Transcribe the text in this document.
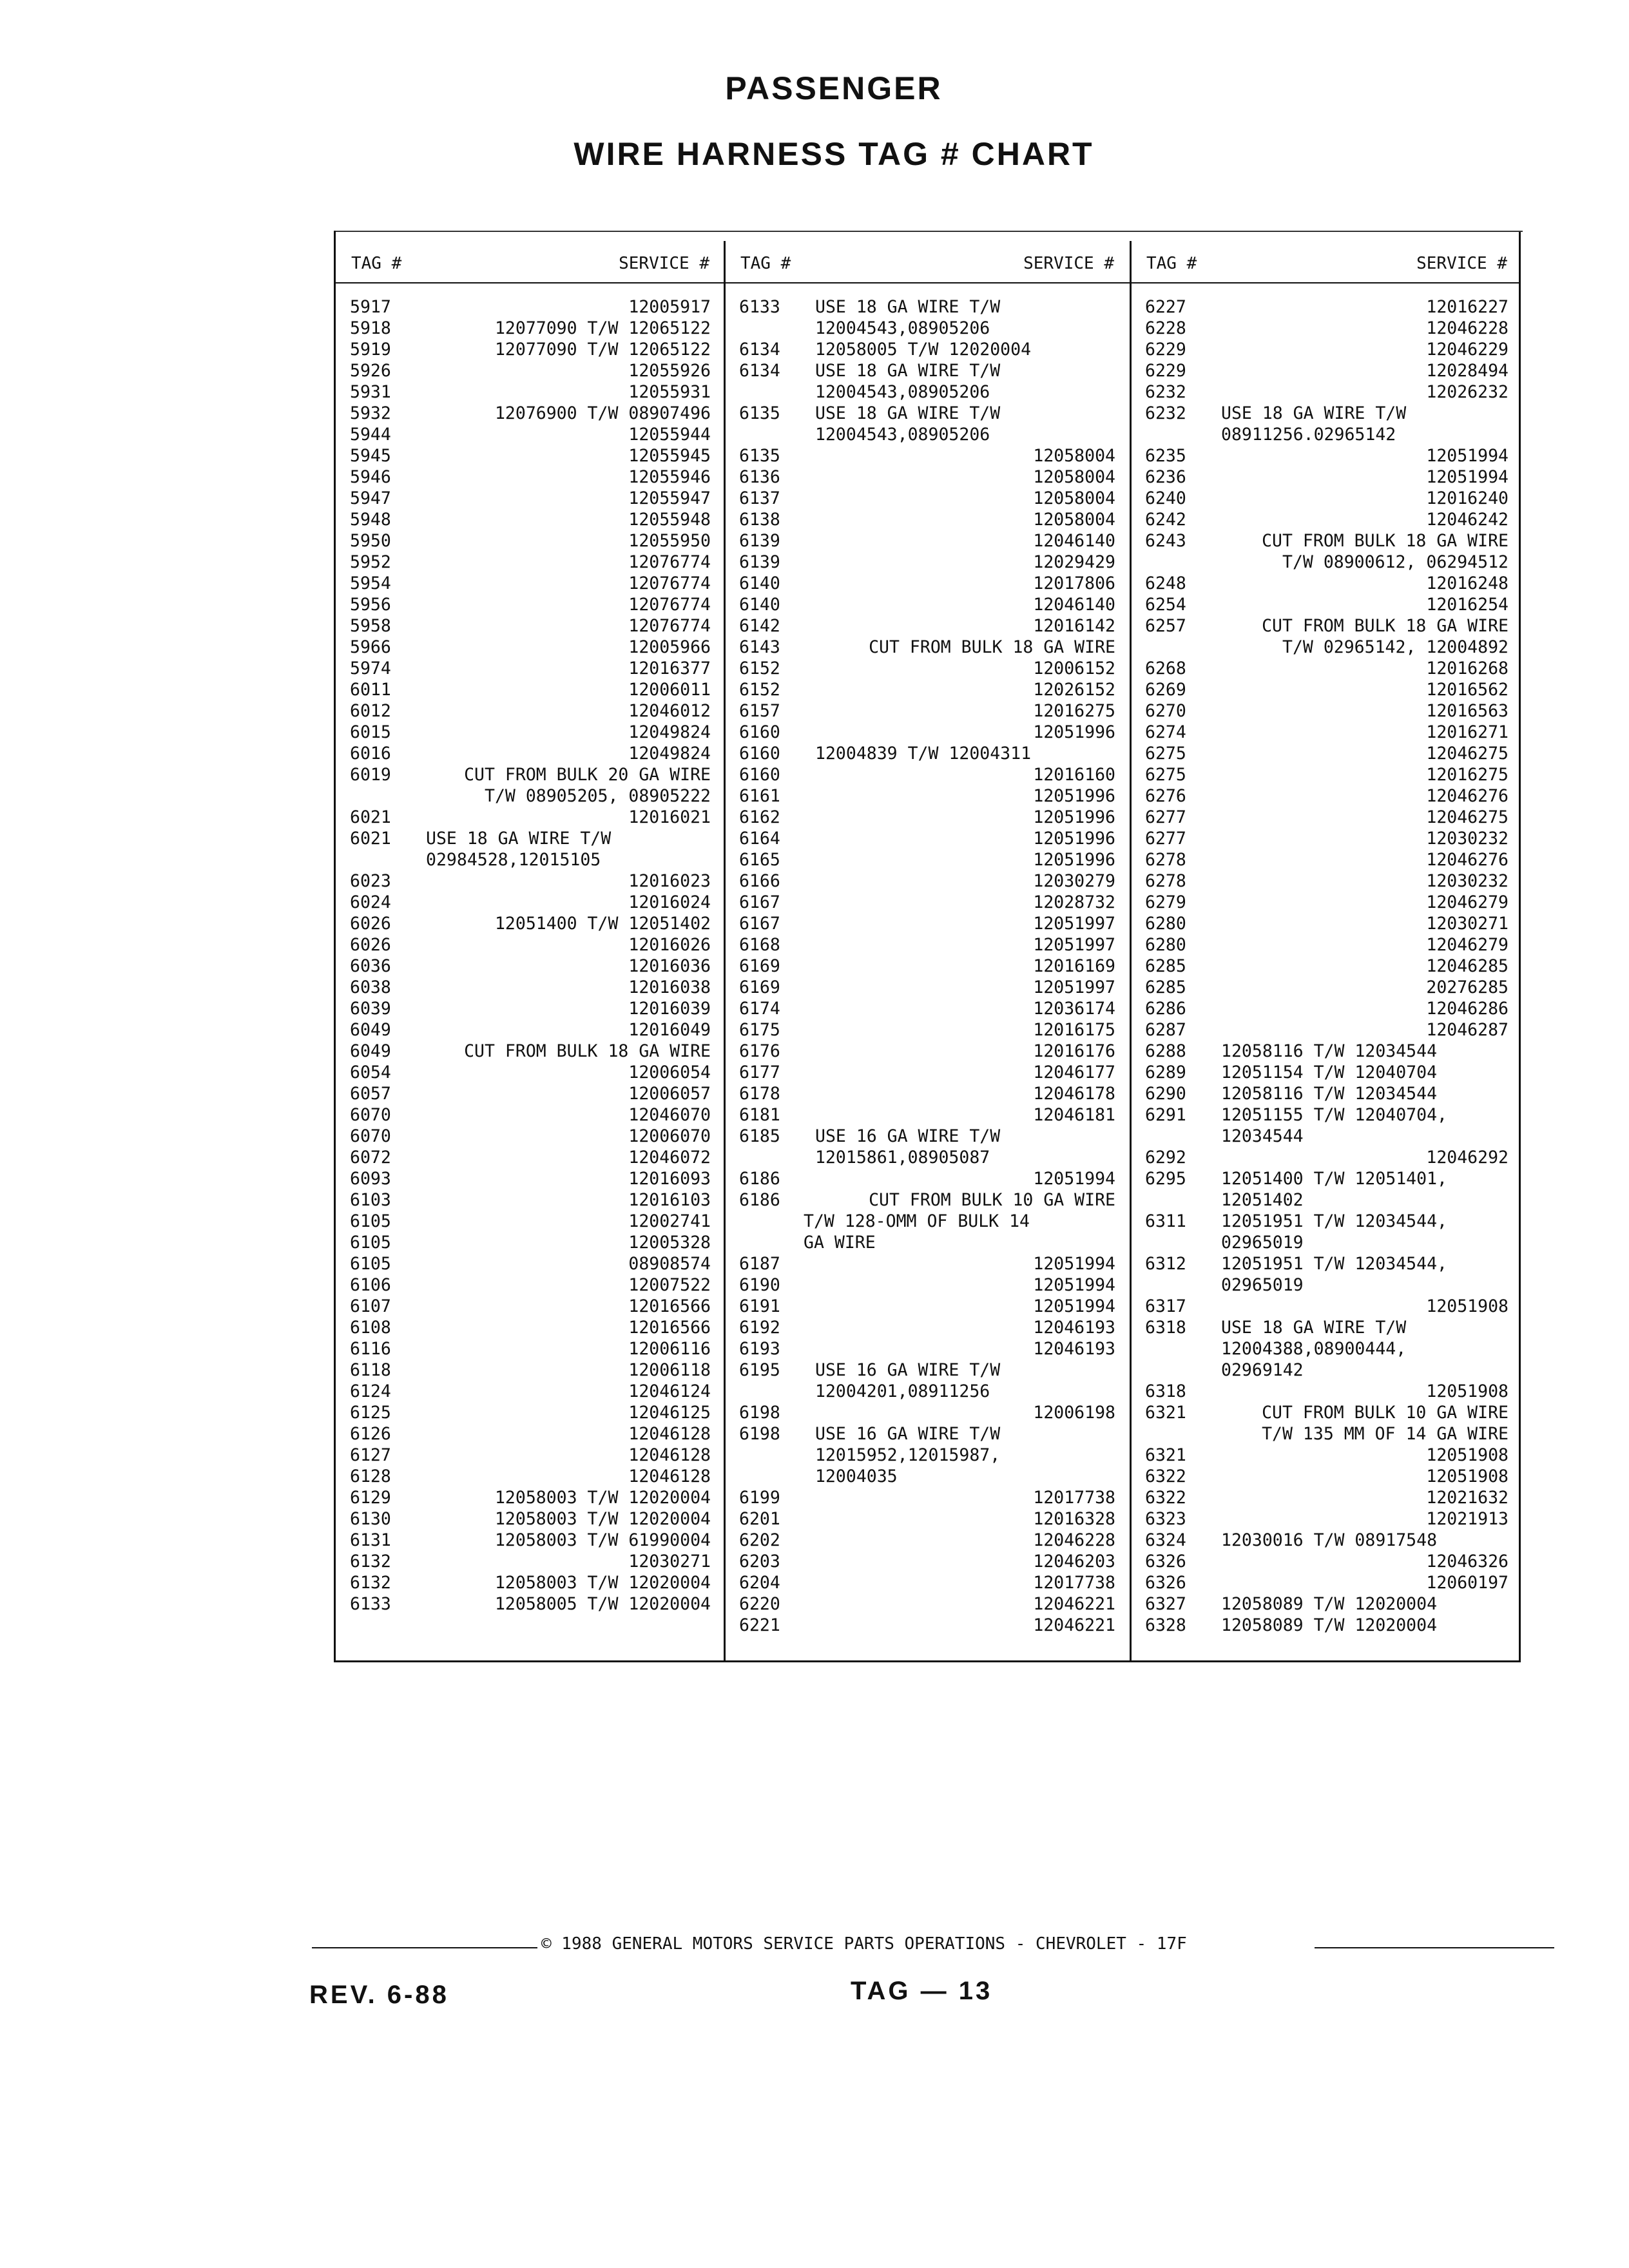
PASSENGER
WIRE HARNESS TAG # CHART
TAG #	SERVICE #
5917	12005917
5918	12077090 T/W 12065122
5919	12077090 T/W 12065122
5926	12055926
5931	12055931
5932	12076900 T/W 08907496
5944	12055944
5945	12055945
5946	12055946
5947	12055947
5948	12055948
5950	12055950
5952	12076774
5954	12076774
5956	12076774
5958	12076774
5966	12005966
5974	12016377
6011	12006011
6012	12046012
6015	12049824
6016	12049824
6019	CUT FROM BULK 20 GA WIRE
T/W 08905205, 08905222
6021	12016021
6021 USE 18 GA WIRE T/W
02984528,12015105
6023	12016023
6024	12016024
6026	12051400 T/W 12051402
6026	12016026
6036	12016036
6038	12016038
6039	12016039
6049	12016049
6049	CUT FROM BULK 18 GA WIRE
6054	12006054
6057	12006057
6070	12046070
6070	12006070
6072	12046072
6093	12016093
6103	12016103
6105	12002741
6105	12005328
6105	08908574
6106	12007522
6107	12016566
6108	12016566
6116	12006116
6118	12006118
6124	12046124
6125	12046125
6126	12046128
6127	12046128
6128	12046128
6129	12058003 T/W 12020004
6130	12058003 T/W 12020004
6131	12058003 T/W 61990004
6132	12030271
6132	12058003 T/W 12020004
6133	12058005 T/W 12020004
TAG #	SERVICE #
6133 USE 18 GA WIRE T/W
12004543,08905206
6134 12058005 T/W 12020004
6134 USE 18 GA WIRE T/W
12004543,08905206
6135 USE 18 GA WIRE T/W
12004543,08905206
6135	12058004
6136	12058004
6137	12058004
6138	12058004
6139	12046140
6139	12029429
6140	12017806
6140	12046140
6142	12016142
6143	CUT FROM BULK 18 GA WIRE
6152	12006152
6152	12026152
6157	12016275
6160	12051996
6160 12004839 T/W 12004311
6160	12016160
6161	12051996
6162	12051996
6164	12051996
6165	12051996
6166	12030279
6167	12028732
6167	12051997
6168	12051997
6169	12016169
6169	12051997
6174	12036174
6175	12016175
6176	12016176
6177	12046177
6178	12046178
6181	12046181
6185 USE 16 GA WIRE T/W
12015861,08905087
6186	12051994
6186	CUT FROM BULK 10 GA WIRE
T/W 128-OMM OF BULK 14
GA WIRE
6187	12051994
6190	12051994
6191	12051994
6192	12046193
6193	12046193
6195 USE 16 GA WIRE T/W
12004201,08911256
6198	12006198
6198 USE 16 GA WIRE T/W
12015952,12015987,
12004035
6199	12017738
6201	12016328
6202	12046228
6203	12046203
6204	12017738
6220	12046221
6221	12046221
TAG #	SERVICE #
6227	12016227
6228	12046228
6229	12046229
6229	12028494
6232	12026232
6232 USE 18 GA WIRE T/W
08911256.02965142
6235	12051994
6236	12051994
6240	12016240
6242	12046242
6243	CUT FROM BULK 18 GA WIRE
T/W 08900612, 06294512
6248	12016248
6254	12016254
6257	CUT FROM BULK 18 GA WIRE
T/W 02965142, 12004892
6268	12016268
6269	12016562
6270	12016563
6274	12016271
6275	12046275
6275	12016275
6276	12046276
6277	12046275
6277	12030232
6278	12046276
6278	12030232
6279	12046279
6280	12030271
6280	12046279
6285	12046285
6285	20276285
6286	12046286
6287	12046287
6288 12058116 T/W 12034544
6289 12051154 T/W 12040704
6290 12058116 T/W 12034544
6291 12051155 T/W 12040704,
12034544
6292	12046292
6295 12051400 T/W 12051401,
12051402
6311 12051951 T/W 12034544,
02965019
6312 12051951 T/W 12034544,
02965019
6317	12051908
6318 USE 18 GA WIRE T/W
12004388,08900444,
02969142
6318	12051908
6321	CUT FROM BULK 10 GA WIRE
T/W 135 MM OF 14 GA WIRE
6321	12051908
6322	12051908
6322	12021632
6323	12021913
6324 12030016 T/W 08917548
6326	12046326
6326	12060197
6327 12058089 T/W 12020004
6328 12058089 T/W 12020004
© 1988 GENERAL MOTORS SERVICE PARTS OPERATIONS - CHEVROLET - 17F
REV. 6-88	TAG — 13
